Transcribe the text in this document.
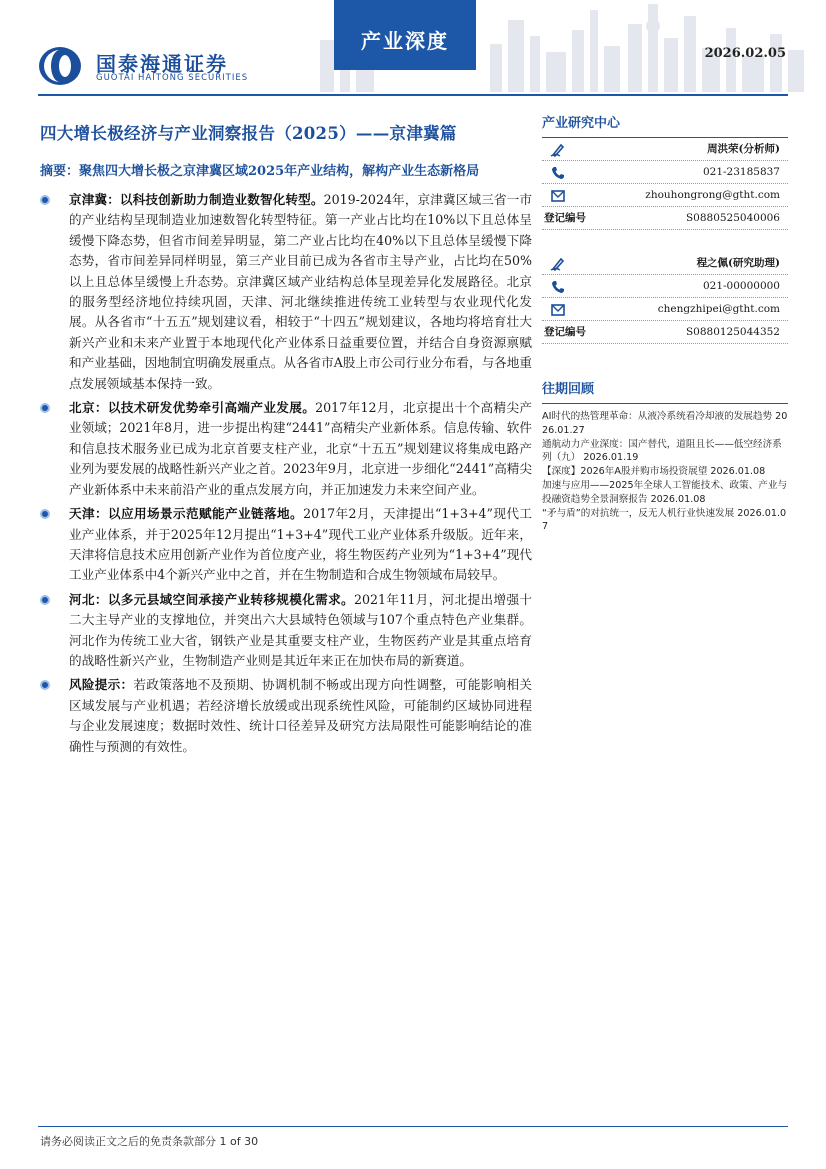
国泰海通证券
GUOTAI HAITONG SECURITIES
产业深度
2026.02.05
四大增长极经济与产业洞察报告（2025）——京津冀篇
摘要：聚焦四大增长极之京津冀区域2025年产业结构，解构产业生态新格局
京津冀：以科技创新助力制造业数智化转型。2019-2024年，京津冀区域三省一市的产业结构呈现制造业加速数智化转型特征。第一产业占比均在10%以下且总体呈缓慢下降态势，但省市间差异明显，第二产业占比均在40%以下且总体呈缓慢下降态势，省市间差异同样明显，第三产业目前已成为各省市主导产业，占比均在50%以上且总体呈缓慢上升态势。京津冀区域产业结构总体呈现差异化发展路径。北京的服务型经济地位持续巩固，天津、河北继续推进传统工业转型与农业现代化发展。从各省市“十五五”规划建议看，相较于“十四五”规划建议，各地均将培育壮大新兴产业和未来产业置于本地现代化产业体系日益重要位置，并结合自身资源禀赋和产业基础，因地制宜明确发展重点。从各省市A股上市公司行业分布看，与各地重点发展领域基本保持一致。
北京：以技术研发优势牵引高端产业发展。2017年12月，北京提出十个高精尖产业领域；2021年8月，进一步提出构建“2441”高精尖产业新体系。信息传输、软件和信息技术服务业已成为北京首要支柱产业，北京“十五五”规划建议将集成电路产业列为要发展的战略性新兴产业之首。2023年9月，北京进一步细化“2441”高精尖产业新体系中未来前沿产业的重点发展方向，并正加速发力未来空间产业。
天津：以应用场景示范赋能产业链落地。2017年2月，天津提出“1+3+4”现代工业产业体系，并于2025年12月提出“1+3+4”现代工业产业体系升级版。近年来，天津将信息技术应用创新产业作为首位度产业，将生物医药产业列为“1+3+4”现代工业产业体系中4个新兴产业中之首，并在生物制造和合成生物领域布局较早。
河北：以多元县域空间承接产业转移规模化需求。2021年11月，河北提出增强十二大主导产业的支撑地位，并突出六大县域特色领域与107个重点特色产业集群。河北作为传统工业大省，钢铁产业是其重要支柱产业，生物医药产业是其重点培育的战略性新兴产业，生物制造产业则是其近年来正在加快布局的新赛道。
风险提示：若政策落地不及预期、协调机制不畅或出现方向性调整，可能影响相关区域发展与产业机遇；若经济增长放缓或出现系统性风险，可能制约区域协同进程与企业发展速度；数据时效性、统计口径差异及研究方法局限性可能影响结论的准确性与预测的有效性。
产业研究中心
周洪荣(分析师)
021-23185837
zhouhongrong@gtht.com
登记编号	S0880525040006
程之佩(研究助理)
021-00000000
chengzhipei@gtht.com
登记编号	S0880125044352
往期回顾
AI时代的热管理革命：从液冷系统看冷却液的发展趋势 2026.01.27
通航动力产业深度：国产替代，道阻且长——低空经济系列（九） 2026.01.19
【深度】2026年A股并购市场投资展望 2026.01.08
加速与应用——2025年全球人工智能技术、政策、产业与投融资趋势全景洞察报告 2026.01.08
“矛与盾”的对抗统一，反无人机行业快速发展 2026.01.07
请务必阅读正文之后的免责条款部分 1 of 30
